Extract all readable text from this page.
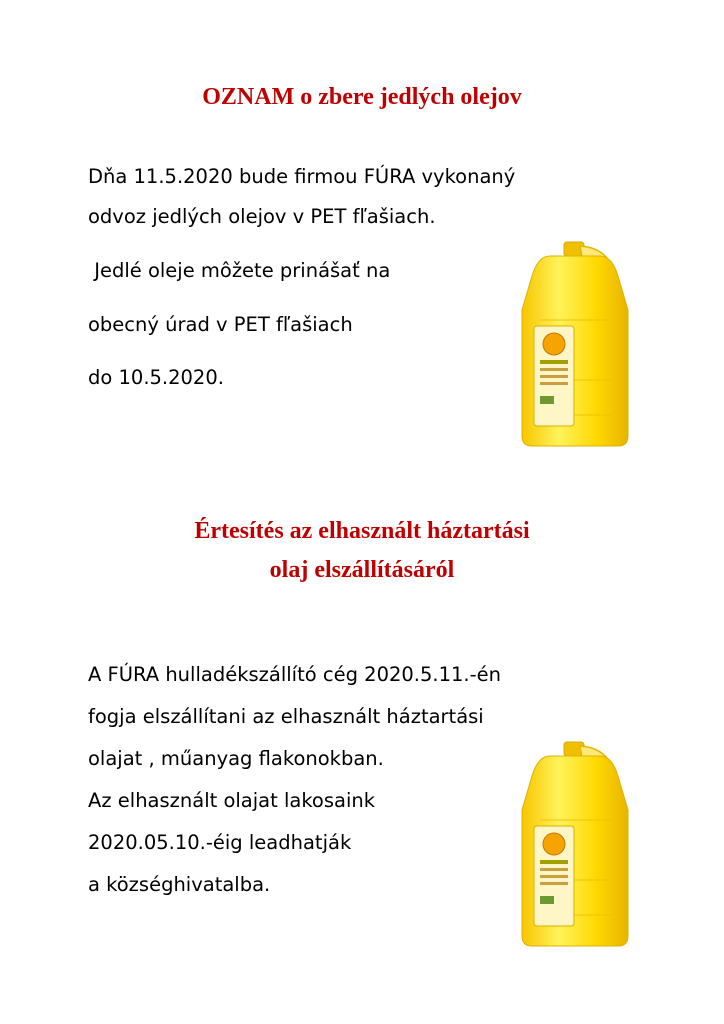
OZNAM o zbere jedlých olejov
Dňa 11.5.2020 bude firmou FÚRA vykonaný
odvoz jedlých olejov v PET fľašiach.
Jedlé oleje môžete prinášať na
obecný úrad v PET fľašiach
do 10.5.2020.
Értesítés az elhasznált háztartási
olaj elszállításáról
A FÚRA hulladékszállító cég 2020.5.11.-én
fogja elszállítani az elhasznált háztartási
olajat , műanyag flakonokban.
Az elhasznált olajat lakosaink
2020.05.10.-éig leadhatják
a községhivatalba.
